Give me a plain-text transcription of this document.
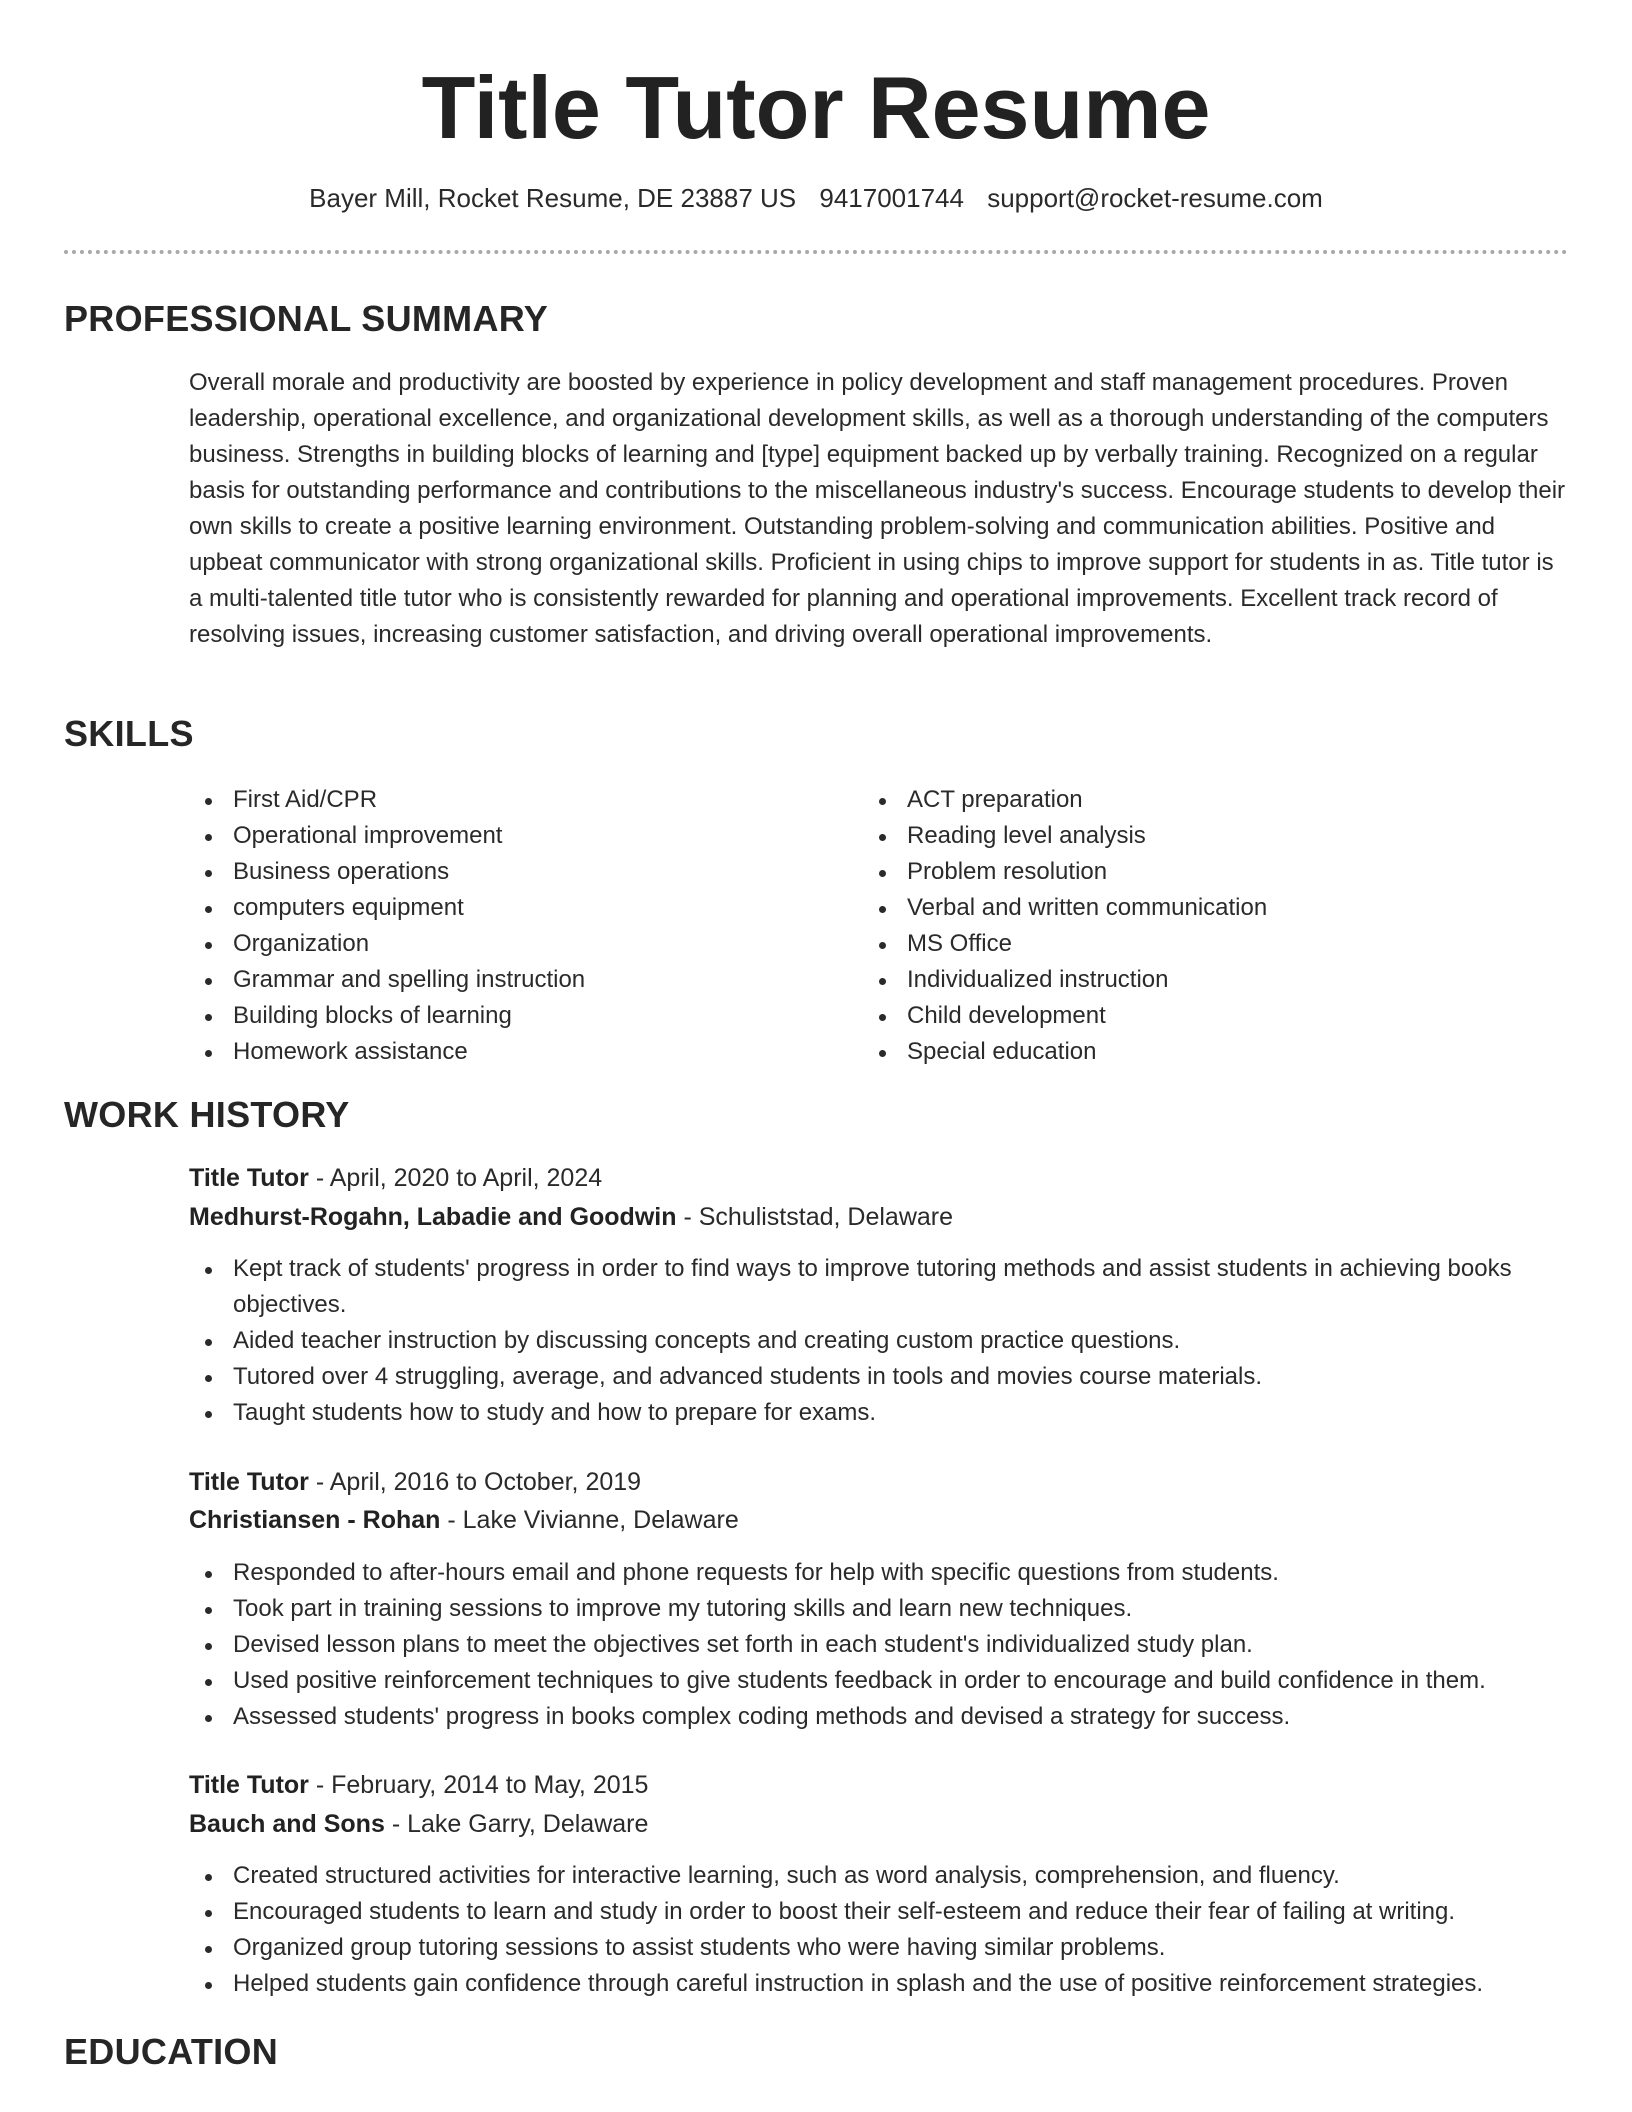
Title Tutor Resume
Bayer Mill, Rocket Resume, DE 23887 US 9417001744 support@rocket-resume.com
PROFESSIONAL SUMMARY
Overall morale and productivity are boosted by experience in policy development and staff management procedures. Proven leadership, operational excellence, and organizational development skills, as well as a thorough understanding of the computers business. Strengths in building blocks of learning and [type] equipment backed up by verbally training. Recognized on a regular basis for outstanding performance and contributions to the miscellaneous industry's success. Encourage students to develop their own skills to create a positive learning environment. Outstanding problem-solving and communication abilities. Positive and upbeat communicator with strong organizational skills. Proficient in using chips to improve support for students in as. Title tutor is a multi-talented title tutor who is consistently rewarded for planning and operational improvements. Excellent track record of resolving issues, increasing customer satisfaction, and driving overall operational improvements.
SKILLS
First Aid/CPR
Operational improvement
Business operations
computers equipment
Organization
Grammar and spelling instruction
Building blocks of learning
Homework assistance
ACT preparation
Reading level analysis
Problem resolution
Verbal and written communication
MS Office
Individualized instruction
Child development
Special education
WORK HISTORY
Title Tutor - April, 2020 to April, 2024
Medhurst-Rogahn, Labadie and Goodwin - Schuliststad, Delaware
Kept track of students' progress in order to find ways to improve tutoring methods and assist students in achieving books objectives.
Aided teacher instruction by discussing concepts and creating custom practice questions.
Tutored over 4 struggling, average, and advanced students in tools and movies course materials.
Taught students how to study and how to prepare for exams.
Title Tutor - April, 2016 to October, 2019
Christiansen - Rohan - Lake Vivianne, Delaware
Responded to after-hours email and phone requests for help with specific questions from students.
Took part in training sessions to improve my tutoring skills and learn new techniques.
Devised lesson plans to meet the objectives set forth in each student's individualized study plan.
Used positive reinforcement techniques to give students feedback in order to encourage and build confidence in them.
Assessed students' progress in books complex coding methods and devised a strategy for success.
Title Tutor - February, 2014 to May, 2015
Bauch and Sons - Lake Garry, Delaware
Created structured activities for interactive learning, such as word analysis, comprehension, and fluency.
Encouraged students to learn and study in order to boost their self-esteem and reduce their fear of failing at writing.
Organized group tutoring sessions to assist students who were having similar problems.
Helped students gain confidence through careful instruction in splash and the use of positive reinforcement strategies.
EDUCATION
